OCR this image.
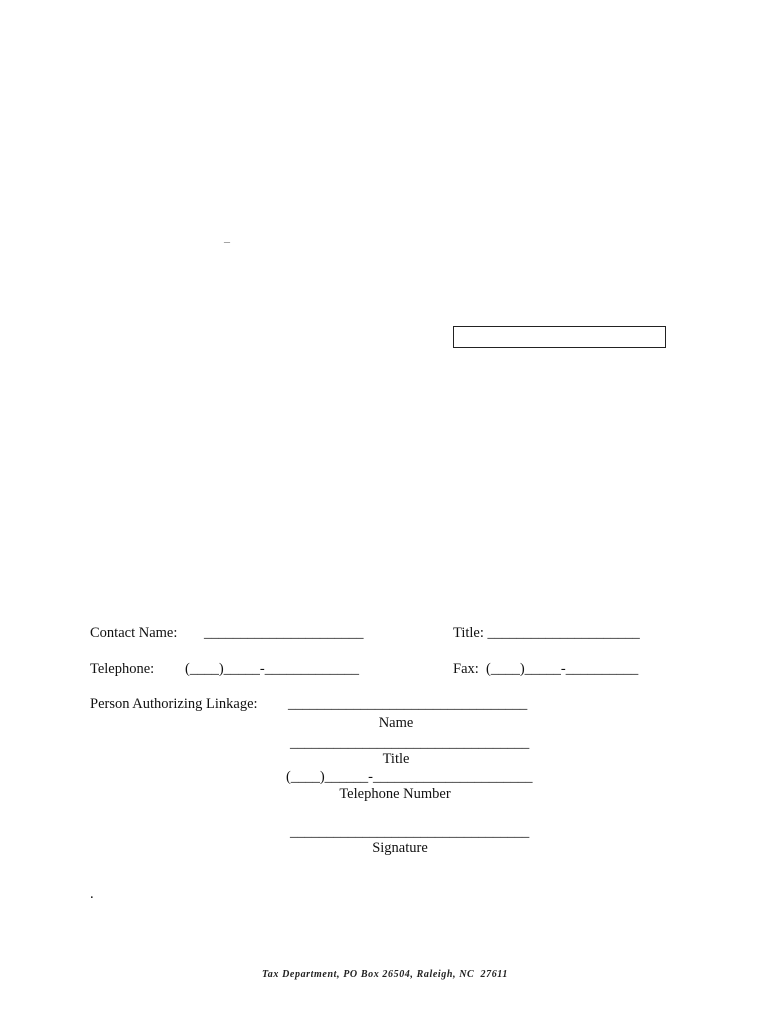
_
Contact Name: ______________________	Title: _____________________
Telephone: (____)_____-_____________	Fax:  (____)_____-__________
Person Authorizing Linkage: _________________________________
Name
_________________________________
Title
(____)______-______________________
Telephone Number
_________________________________
Signature
.
Tax Department, PO Box 26504, Raleigh, NC  27611
